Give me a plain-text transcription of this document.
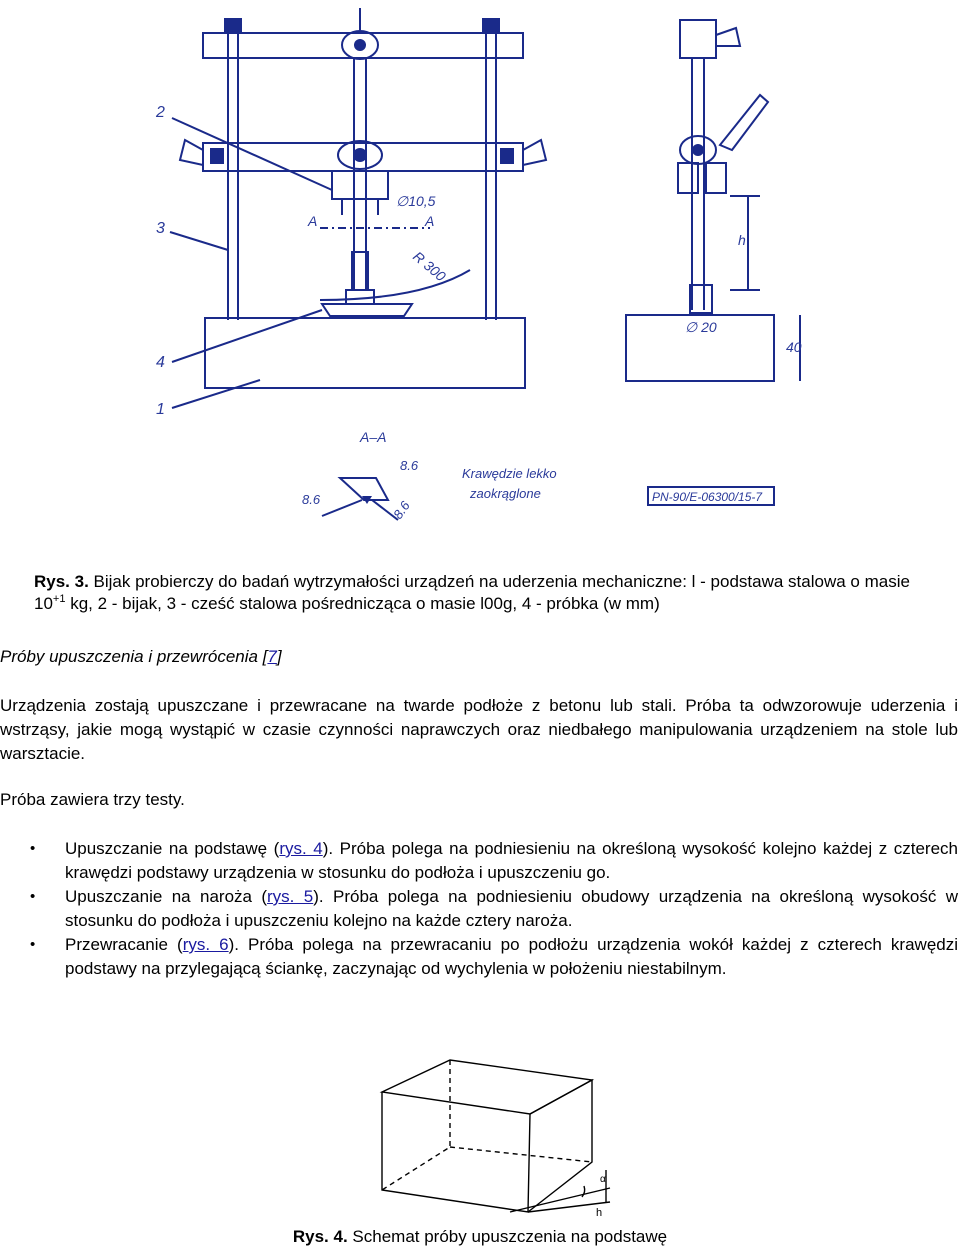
2
3
4
1
∅10,5
A	A
R 300
h
40
∅ 20
A–A
8.6
8.6	8.6
Krawędzie lekko
zaokrąglone	PN-90/E-06300/15-7
Rys. 3. Bijak probierczy do badań wytrzymałości urządzeń na uderzenia mechaniczne: l - podstawa stalowa o masie $10^{+1}$ kg, 2 - bijak, 3 - cześć stalowa pośrednicząca o masie l00g, 4 - próbka (w mm)
Próby upuszczenia i przewrócenia [7]
Urządzenia zostają upuszczane i przewracane na twarde podłoże z betonu lub stali. Próba ta odwzorowuje uderzenia i wstrząsy, jakie mogą wystąpić w czasie czynności naprawczych oraz niedbałego manipulowania urządzeniem na stole lub warsztacie.
Próba zawiera trzy testy.
• Upuszczanie na podstawę (rys. 4). Próba polega na podniesieniu na określoną wysokość kolejno każdej z czterech krawędzi podstawy urządzenia w stosunku do podłoża i upuszczeniu go.
• Upuszczanie na naroża (rys. 5). Próba polega na podniesieniu obudowy urządzenia na określoną wysokość w stosunku do podłoża i upuszczeniu kolejno na każde cztery naroża.
• Przewracanie (rys. 6). Próba polega na przewracaniu po podłożu urządzenia wokół każdej z czterech krawędzi podstawy na przylegającą ściankę, zaczynając od wychylenia w położeniu niestabilnym.
h
α
Rys. 4. Schemat próby upuszczenia na podstawę
